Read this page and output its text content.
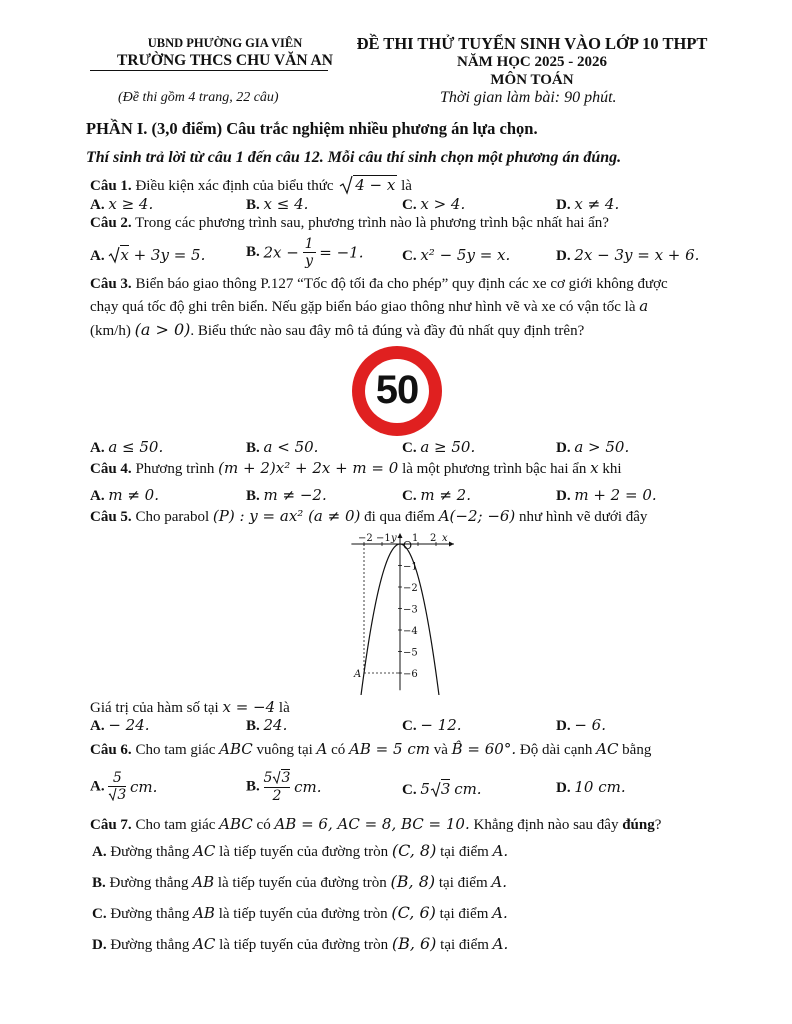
UBND PHƯỜNG GIA VIÊN
TRƯỜNG THCS CHU VĂN AN
(Đề thi gồm 4 trang, 22 câu)
ĐỀ THI THỬ TUYỂN SINH VÀO LỚP 10 THPT
NĂM HỌC 2025 - 2026
MÔN TOÁN
Thời gian làm bài: 90 phút.
PHẦN I. (3,0 điểm) Câu trắc nghiệm nhiều phương án lựa chọn.
Thí sinh trả lời từ câu 1 đến câu 12. Mỗi câu thí sinh chọn một phương án đúng.
Câu 1. Điều kiện xác định của biểu thức 4 − x là
A. x ≥ 4.	B. x ≤ 4.	C. x > 4.	D. x ≠ 4.
Câu 2. Trong các phương trình sau, phương trình nào là phương trình bậc nhất hai ẩn?
A. x + 3y = 5.	B. $2x - \frac{1}{y} = -1$.	C. x² − 5y = x.	D. 2x − 3y = x + 6.
Câu 3. Biển báo giao thông P.127 “Tốc độ tối đa cho phép” quy định các xe cơ giới không được
chạy quá tốc độ ghi trên biển. Nếu gặp biển báo giao thông như hình vẽ và xe có vận tốc là a
(km/h) (a > 0). Biểu thức nào sau đây mô tả đúng và đầy đủ nhất quy định trên?
50
A. a ≤ 50.	B. a < 50.	C. a ≥ 50.	D. a > 50.
Câu 4. Phương trình (m + 2)x² + 2x + m = 0 là một phương trình bậc hai ẩn x khi
A. m ≠ 0.	B. m ≠ −2.	C. m ≠ 2.	D. m + 2 = 0.
Câu 5. Cho parabol (P) : y = ax² (a ≠ 0) đi qua điểm A(−2; −6) như hình vẽ dưới đây
−2 −1 1 2 x
y
O
−1
−2
−3
−4
−5
−6
A
Giá trị của hàm số tại x = −4 là
A. − 24.	B. 24.	C. − 12.	D. − 6.
Câu 6. Cho tam giác ABC vuông tại A có AB = 5 cm và B̂ = 60°. Độ dài cạnh AC bằng
A. $\frac{5}{3}$ cm.	B. $\frac{5 3}{2}$ cm.	C. 5 3 cm.	D. 10 cm.
Câu 7. Cho tam giác ABC có AB = 6, AC = 8, BC = 10. Khẳng định nào sau đây đúng?
A. Đường thẳng AC là tiếp tuyến của đường tròn (C, 8) tại điểm A.
B. Đường thẳng AB là tiếp tuyến của đường tròn (B, 8) tại điểm A.
C. Đường thẳng AB là tiếp tuyến của đường tròn (C, 6) tại điểm A.
D. Đường thẳng AC là tiếp tuyến của đường tròn (B, 6) tại điểm A.
